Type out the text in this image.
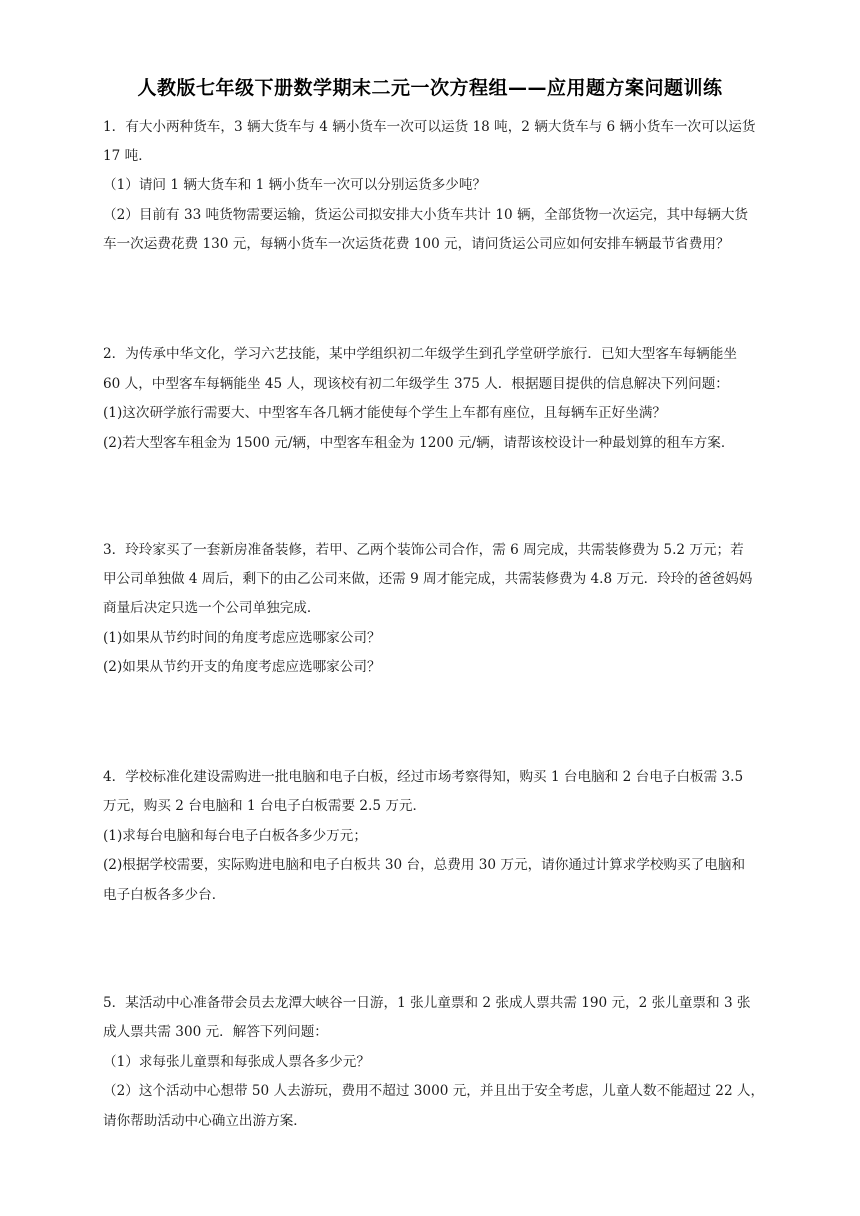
人教版七年级下册数学期末二元一次方程组——应用题方案问题训练
1．有大小两种货车，3 辆大货车与 4 辆小货车一次可以运货 18 吨，2 辆大货车与 6 辆小货车一次可以运货
17 吨．
（1）请问 1 辆大货车和 1 辆小货车一次可以分别运货多少吨？
（2）目前有 33 吨货物需要运输，货运公司拟安排大小货车共计 10 辆，全部货物一次运完，其中每辆大货
车一次运费花费 130 元，每辆小货车一次运货花费 100 元，请问货运公司应如何安排车辆最节省费用？
2．为传承中华文化，学习六艺技能，某中学组织初二年级学生到孔学堂研学旅行．已知大型客车每辆能坐
60 人，中型客车每辆能坐 45 人，现该校有初二年级学生 375 人．根据题目提供的信息解决下列问题：
(1)这次研学旅行需要大、中型客车各几辆才能使每个学生上车都有座位，且每辆车正好坐满？
(2)若大型客车租金为 1500 元/辆，中型客车租金为 1200 元/辆，请帮该校设计一种最划算的租车方案．
3．玲玲家买了一套新房准备装修，若甲、乙两个装饰公司合作，需 6 周完成，共需装修费为 5.2 万元；若
甲公司单独做 4 周后，剩下的由乙公司来做，还需 9 周才能完成，共需装修费为 4.8 万元．玲玲的爸爸妈妈
商量后决定只选一个公司单独完成．
(1)如果从节约时间的角度考虑应选哪家公司？
(2)如果从节约开支的角度考虑应选哪家公司？
4．学校标准化建设需购进一批电脑和电子白板，经过市场考察得知，购买 1 台电脑和 2 台电子白板需 3.5
万元，购买 2 台电脑和 1 台电子白板需要 2.5 万元．
(1)求每台电脑和每台电子白板各多少万元；
(2)根据学校需要，实际购进电脑和电子白板共 30 台，总费用 30 万元，请你通过计算求学校购买了电脑和
电子白板各多少台．
5．某活动中心准备带会员去龙潭大峡谷一日游，1 张儿童票和 2 张成人票共需 190 元，2 张儿童票和 3 张
成人票共需 300 元．解答下列问题：
（1）求每张儿童票和每张成人票各多少元？
（2）这个活动中心想带 50 人去游玩，费用不超过 3000 元，并且出于安全考虑，儿童人数不能超过 22 人，
请你帮助活动中心确立出游方案．
